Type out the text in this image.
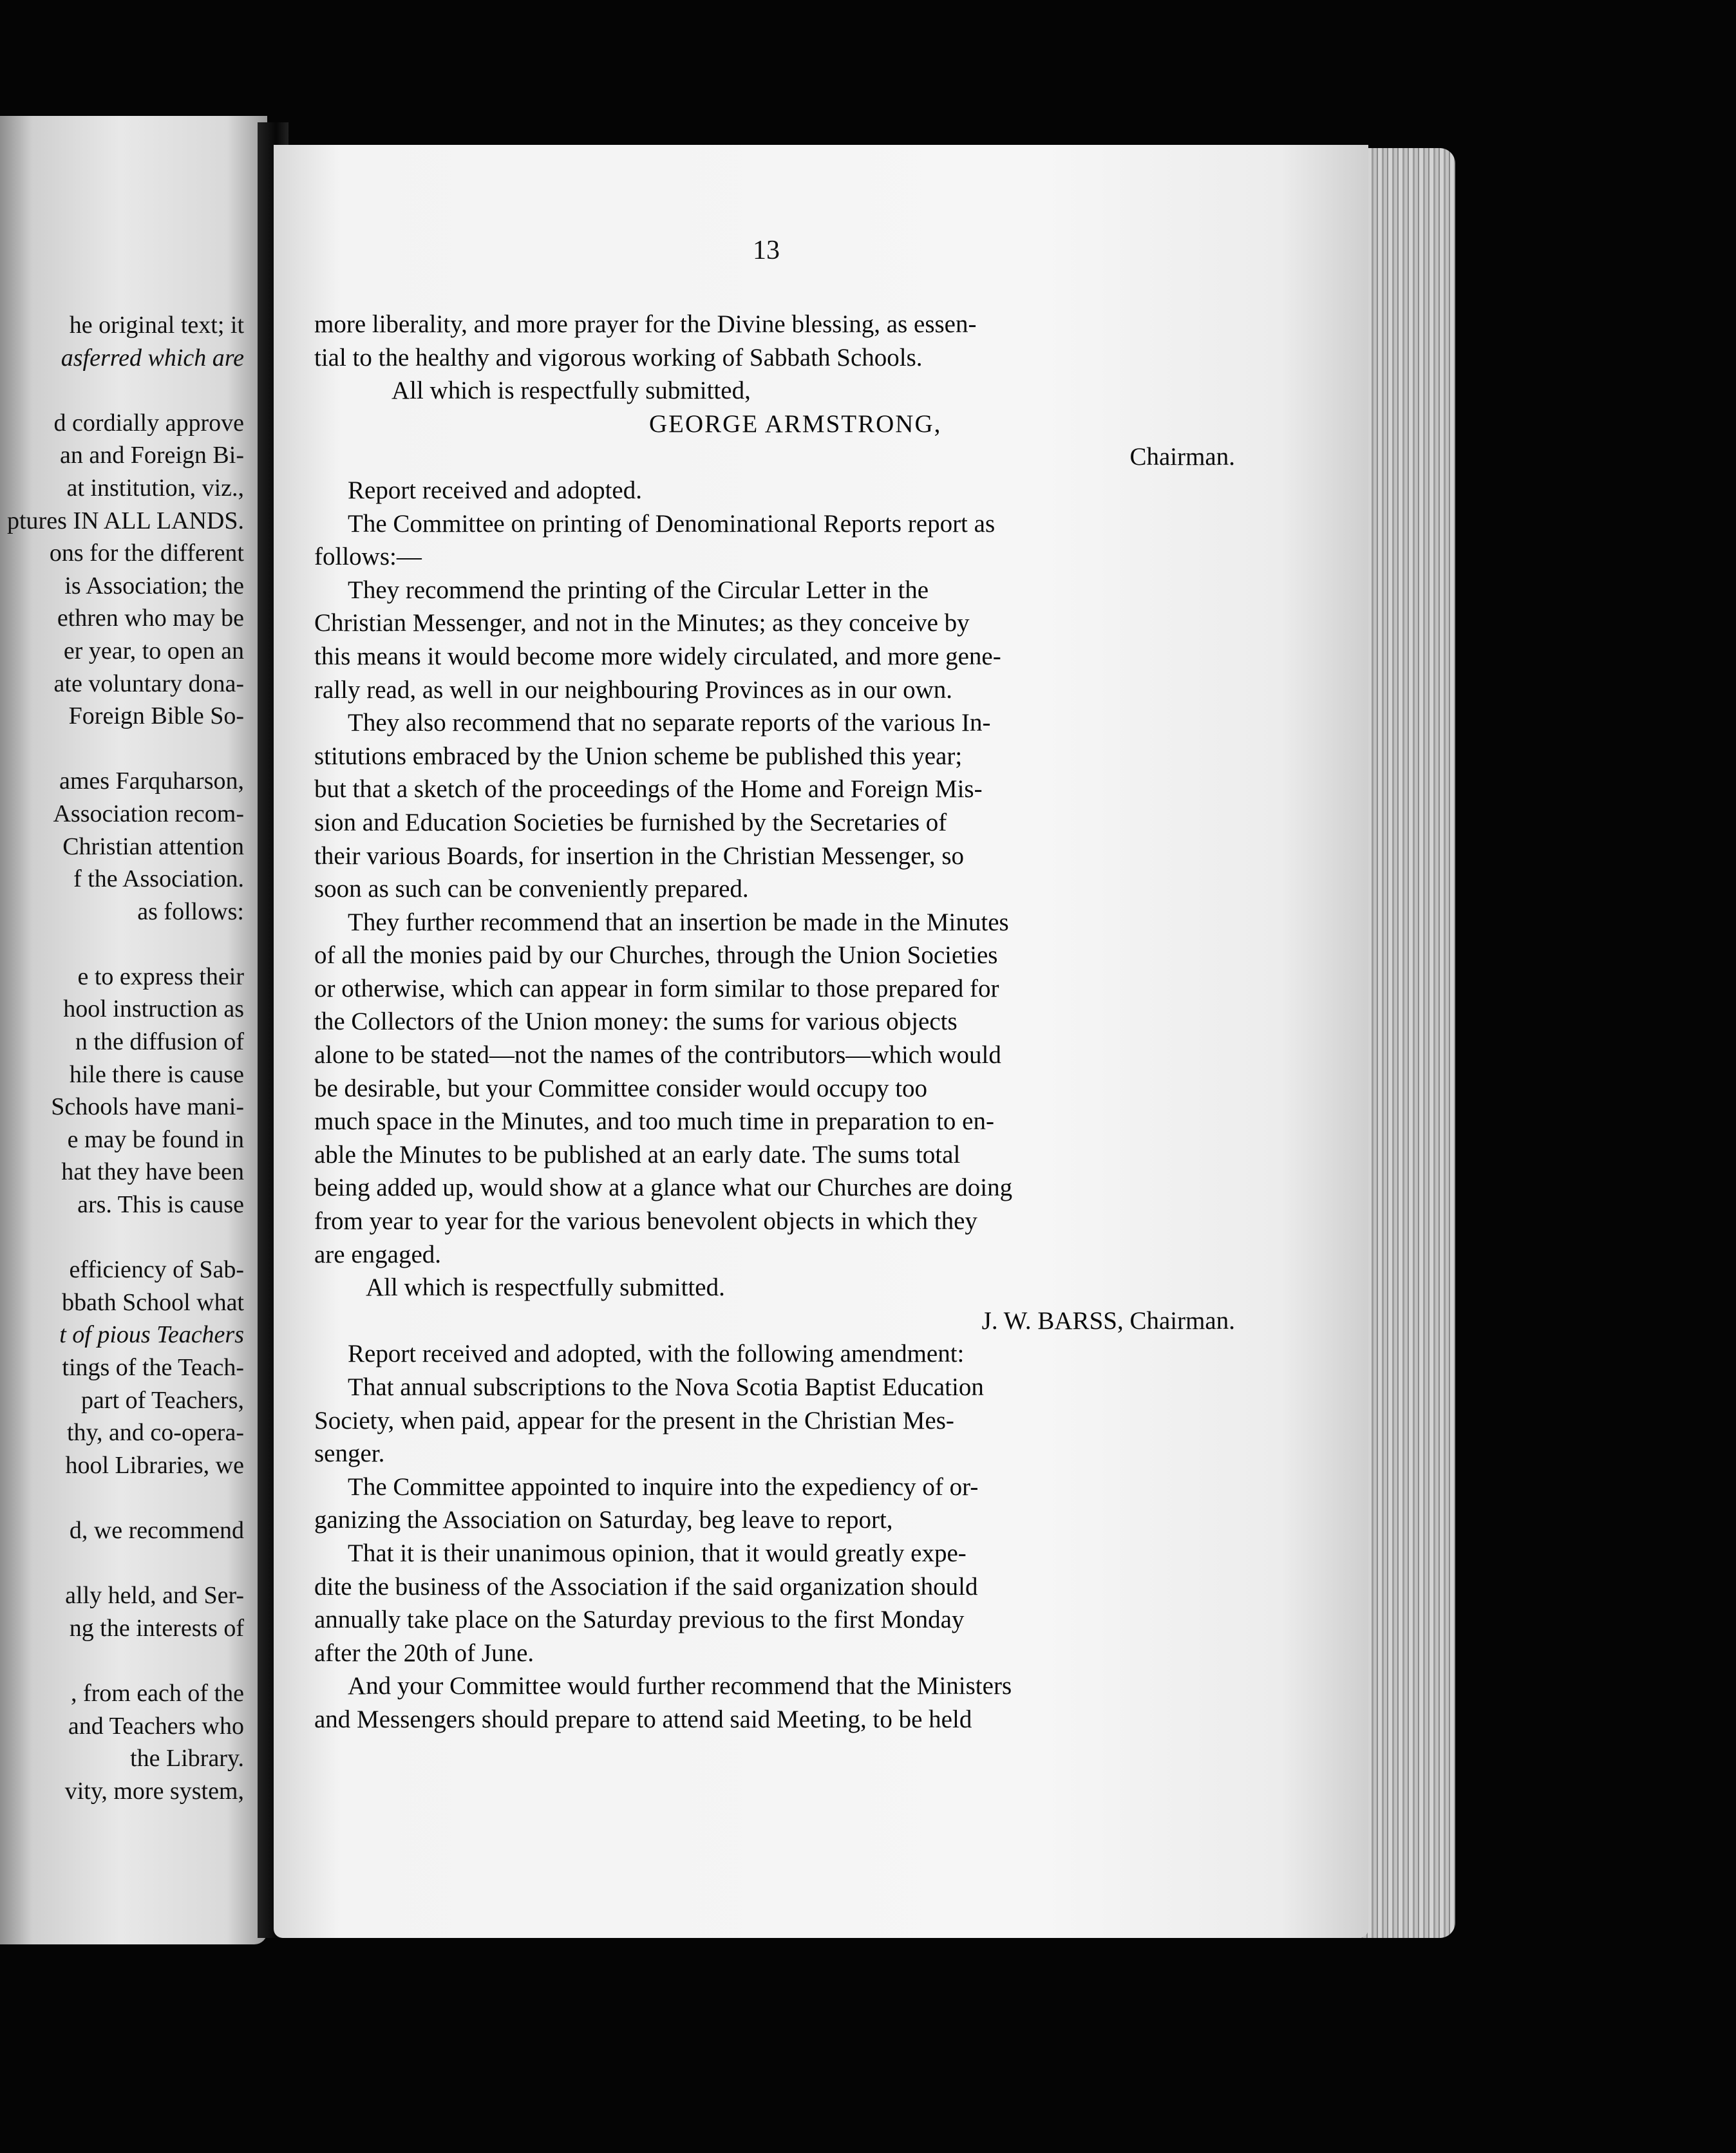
he original text; it
asferred which are
d cordially approve
an and Foreign Bi-
at institution, viz.,
ptures IN ALL LANDS.
ons for the different
is Association; the
ethren who may be
er year, to open an
ate voluntary dona-
Foreign Bible So-
ames Farquharson,
Association recom-
Christian attention
f the Association.
as follows:
e to express their
hool instruction as
n the diffusion of
hile there is cause
Schools have mani-
e may be found in
hat they have been
ars. This is cause
efficiency of Sab-
bbath School what
t of pious Teachers
tings of the Teach-
part of Teachers,
thy, and co-opera-
hool Libraries, we
d, we recommend
ally held, and Ser-
ng the interests of
, from each of the
and Teachers who
the Library.
vity, more system,
13
more liberality, and more prayer for the Divine blessing, as essen-
tial to the healthy and vigorous working of Sabbath Schools.
All which is respectfully submitted,
GEORGE ARMSTRONG,
Chairman.
Report received and adopted.
The Committee on printing of Denominational Reports report as
follows:—
They recommend the printing of the Circular Letter in the
Christian Messenger, and not in the Minutes; as they conceive by
this means it would become more widely circulated, and more gene-
rally read, as well in our neighbouring Provinces as in our own.
They also recommend that no separate reports of the various In-
stitutions embraced by the Union scheme be published this year;
but that a sketch of the proceedings of the Home and Foreign Mis-
sion and Education Societies be furnished by the Secretaries of
their various Boards, for insertion in the Christian Messenger, so
soon as such can be conveniently prepared.
They further recommend that an insertion be made in the Minutes
of all the monies paid by our Churches, through the Union Societies
or otherwise, which can appear in form similar to those prepared for
the Collectors of the Union money: the sums for various objects
alone to be stated—not the names of the contributors—which would
be desirable, but your Committee consider would occupy too
much space in the Minutes, and too much time in preparation to en-
able the Minutes to be published at an early date. The sums total
being added up, would show at a glance what our Churches are doing
from year to year for the various benevolent objects in which they
are engaged.
All which is respectfully submitted.
J. W. BARSS, Chairman.
Report received and adopted, with the following amendment:
That annual subscriptions to the Nova Scotia Baptist Education
Society, when paid, appear for the present in the Christian Mes-
senger.
The Committee appointed to inquire into the expediency of or-
ganizing the Association on Saturday, beg leave to report,
That it is their unanimous opinion, that it would greatly expe-
dite the business of the Association if the said organization should
annually take place on the Saturday previous to the first Monday
after the 20th of June.
And your Committee would further recommend that the Ministers
and Messengers should prepare to attend said Meeting, to be held
